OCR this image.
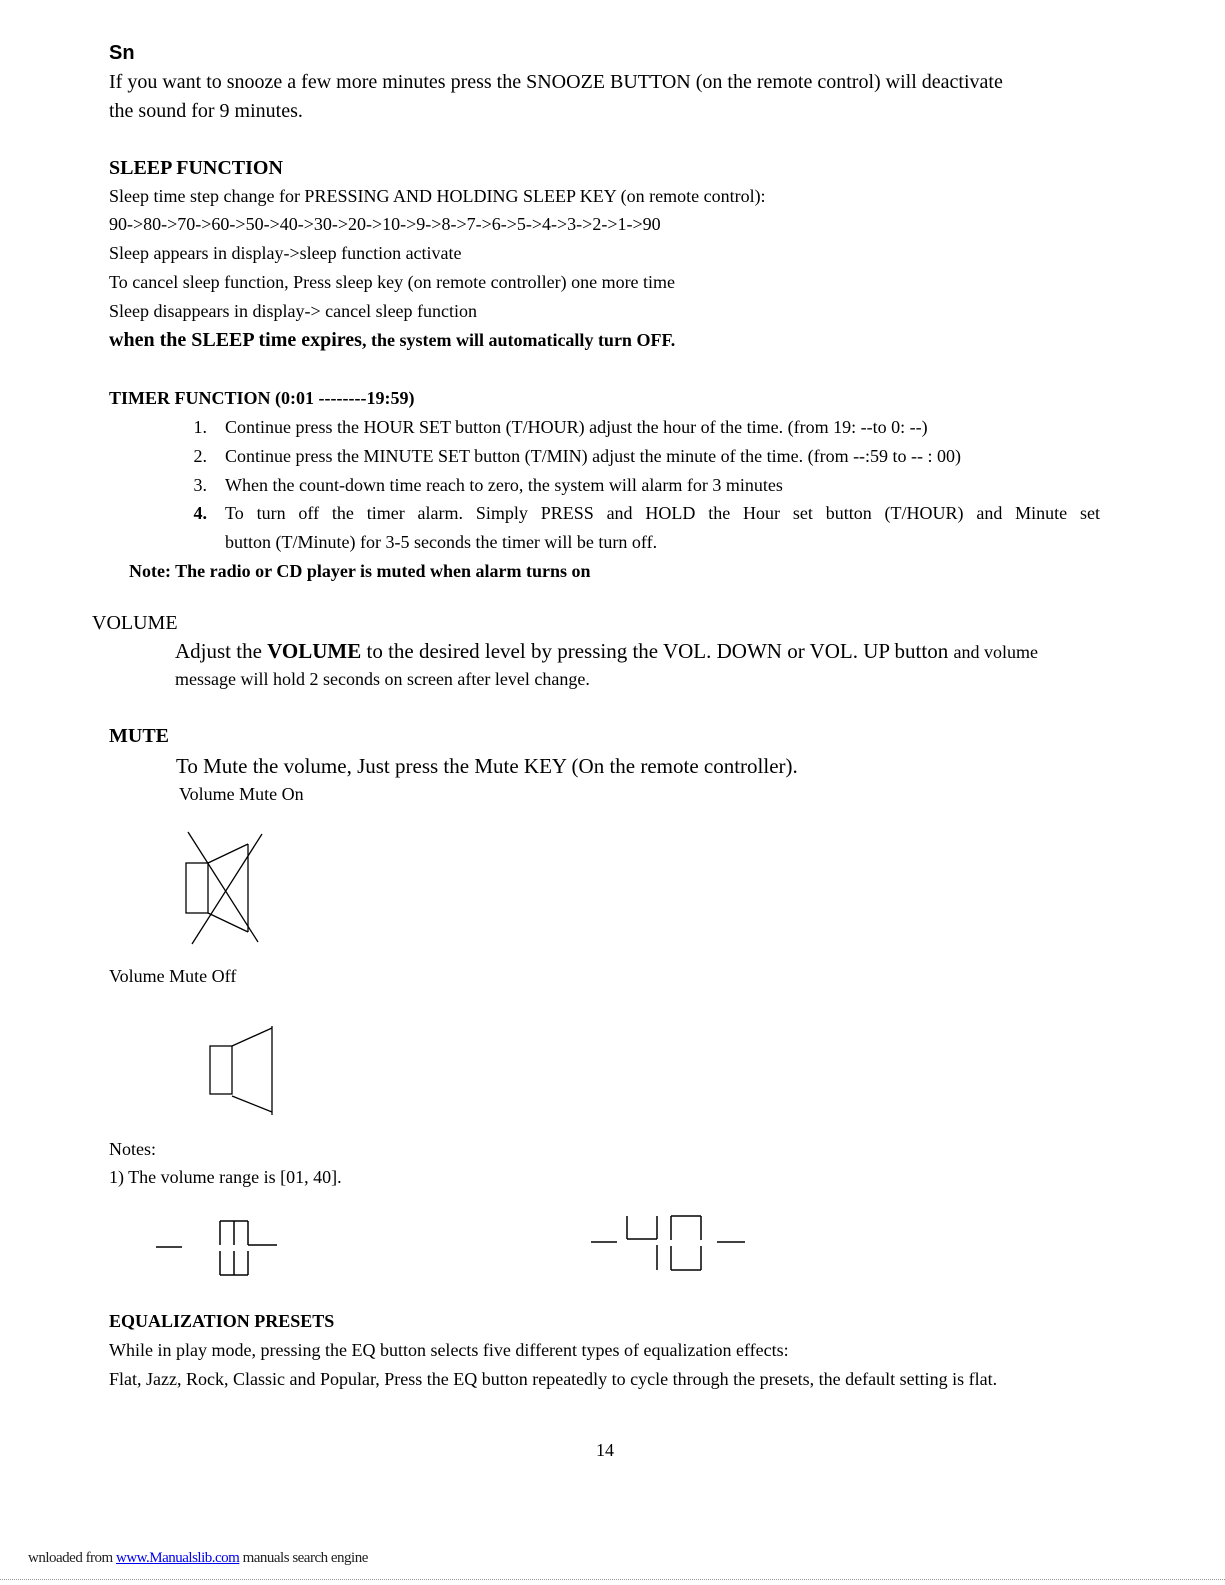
Sn
If you want to snooze a few more minutes press the SNOOZE BUTTON (on the remote control) will deactivate
the sound for 9 minutes.
SLEEP FUNCTION
Sleep time step change for PRESSING AND HOLDING SLEEP KEY (on remote control):
90->80->70->60->50->40->30->20->10->9->8->7->6->5->4->3->2->1->90
Sleep appears in display->sleep function activate
To cancel sleep function, Press sleep key (on remote controller) one more time
Sleep disappears in display-> cancel sleep function
when the SLEEP time expires, the system will automatically turn OFF.
TIMER FUNCTION (0:01 --------19:59)
1. Continue press the HOUR SET button (T/HOUR) adjust the hour of the time. (from 19: --to 0: --)
2. Continue press the MINUTE SET button (T/MIN) adjust the minute of the time. (from --:59 to -- : 00)
3. When the count-down time reach to zero, the system will alarm for 3 minutes
4. To turn off the timer alarm. Simply PRESS and HOLD the Hour set button (T/HOUR) and Minute set
button (T/Minute) for 3-5 seconds the timer will be turn off.
Note: The radio or CD player is muted when alarm turns on
VOLUME
Adjust the VOLUME to the desired level by pressing the VOL. DOWN or VOL. UP button and volume
message will hold 2 seconds on screen after level change.
MUTE
To Mute the volume, Just press the Mute KEY (On the remote controller).
Volume Mute On
Volume Mute Off
Notes:
1) The volume range is [01, 40].
EQUALIZATION PRESETS
While in play mode, pressing the EQ button selects five different types of equalization effects:
Flat, Jazz, Rock, Classic and Popular, Press the EQ button repeatedly to cycle through the presets, the default setting is flat.
14
wnloaded from www.Manualslib.com manuals search engine
